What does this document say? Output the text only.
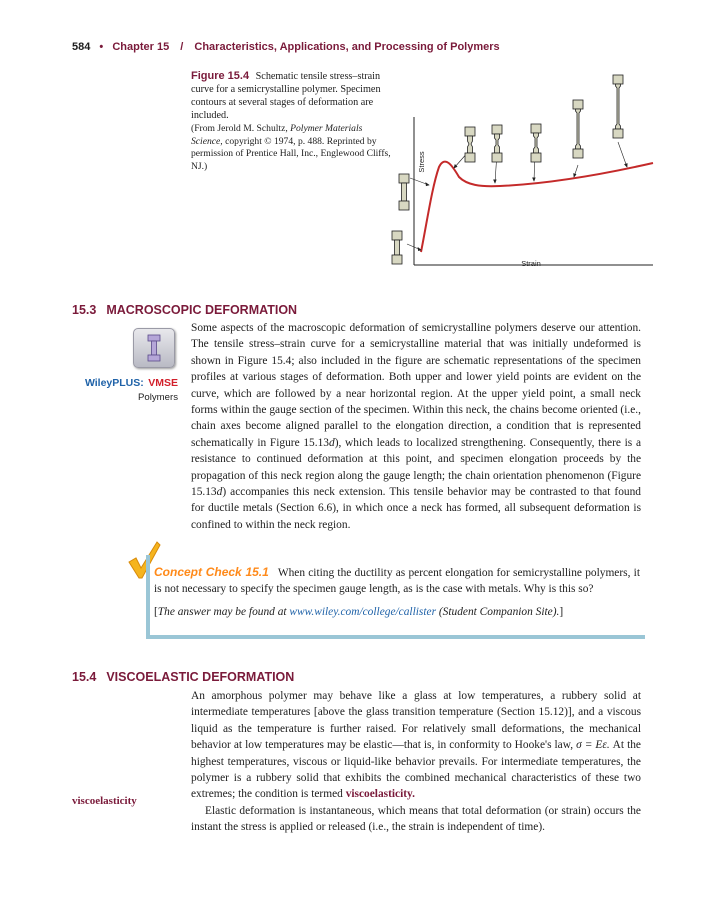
584 • Chapter 15 / Characteristics, Applications, and Processing of Polymers
Figure 15.4 Schematic tensile stress–strain curve for a semicrystalline polymer. Specimen contours at several stages of deformation are included.
(From Jerold M. Schultz, Polymer Materials Science, copyright © 1974, p. 488. Reprinted by permission of Prentice Hall, Inc., Englewood Cliffs, NJ.)	Stress
Strain
15.3 MACROSCOPIC DEFORMATION
WileyPLUS: VMSE
Polymers

Some aspects of the macroscopic deformation of semicrystalline polymers deserve our attention. The tensile stress–strain curve for a semicrystalline material that was initially undeformed is shown in Figure 15.4; also included in the figure are schematic representations of the specimen profiles at various stages of deformation. Both upper and lower yield points are evident on the curve, which are followed by a near horizontal region. At the upper yield point, a small neck forms within the gauge section of the specimen. Within this neck, the chains become oriented (i.e., chain axes become aligned parallel to the elongation direction, a condition that is represented schematically in Figure 15.13d), which leads to localized strengthening. Consequently, there is a resistance to continued deformation at this point, and specimen elongation proceeds by the propagation of this neck region along the gauge length; the chain orientation phenomenon (Figure 15.13d) accompanies this neck extension. This tensile behavior may be contrasted to that found for ductile metals (Section 6.6), in which once a neck has formed, all subsequent deformation is confined to within the neck region.

Concept Check 15.1 When citing the ductility as percent elongation for semicrystalline polymers, it is not necessary to specify the specimen gauge length, as is the case with metals. Why is this so?
[The answer may be found at www.wiley.com/college/callister (Student Companion Site).]
15.4 VISCOELASTIC DEFORMATION

An amorphous polymer may behave like a glass at low temperatures, a rubbery solid at intermediate temperatures [above the glass transition temperature (Section 15.12)], and a viscous liquid as the temperature is further raised. For relatively small deformations, the mechanical behavior at low temperatures may be elastic—that is, in conformity to Hooke's law, σ = Eε. At the highest temperatures, viscous or liquid-like behavior prevails. For intermediate temperatures, the polymer is a rubbery solid that exhibits the combined mechanical characteristics of these two extremes; the condition is termed viscoelasticity.

Elastic deformation is instantaneous, which means that total deformation (or strain) occurs the instant the stress is applied or released (i.e., the strain is independent of time).

viscoelasticity
